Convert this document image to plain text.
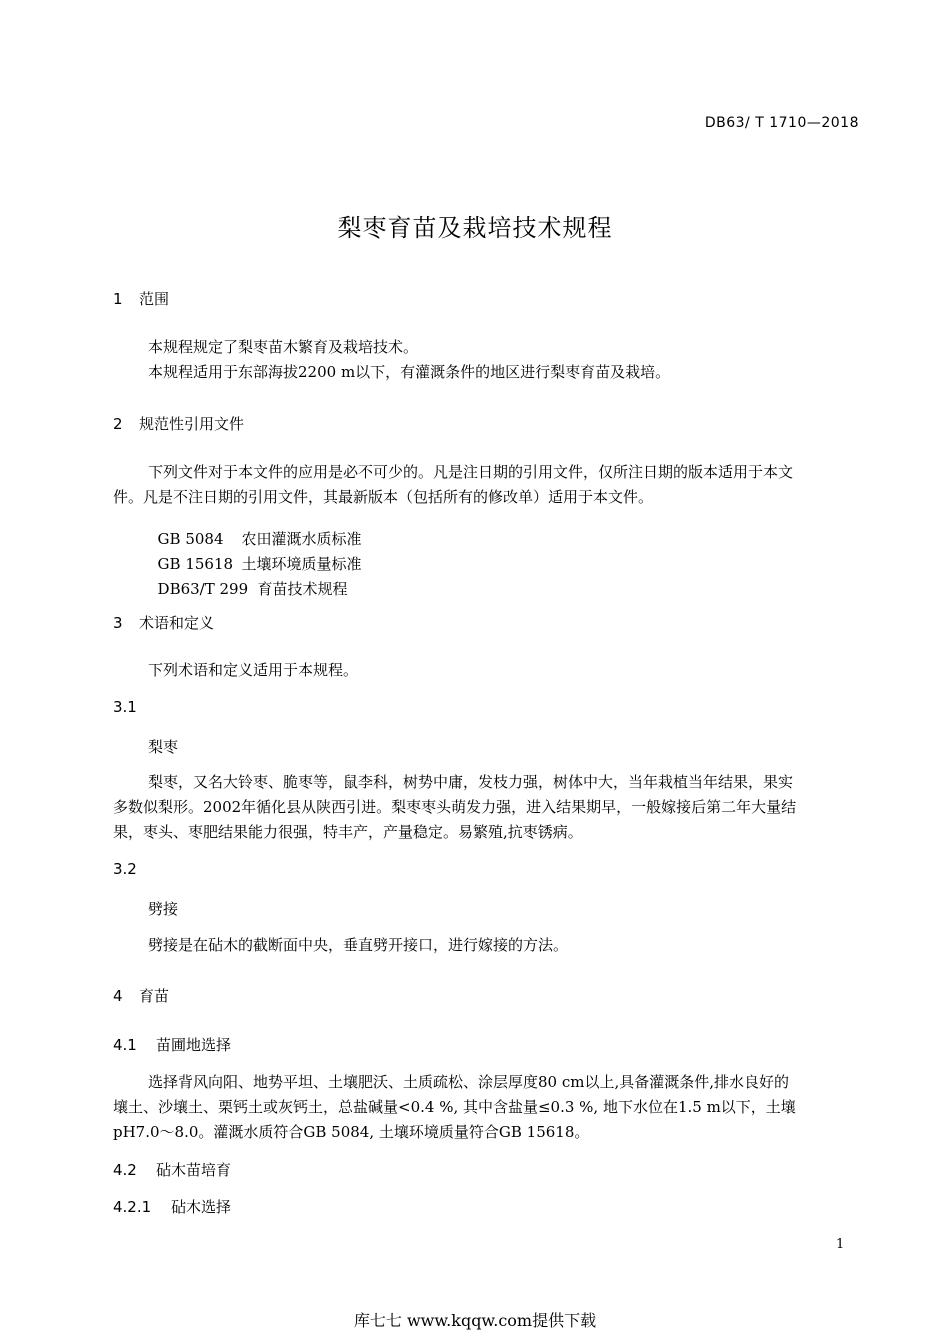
DB63/ T 1710—2018
梨枣育苗及栽培技术规程
1 范围
本规程规定了梨枣苗木繁育及栽培技术。
本规程适用于东部海拔2200 m以下，有灌溉条件的地区进行梨枣育苗及栽培。
2 规范性引用文件
下列文件对于本文件的应用是必不可少的。凡是注日期的引用文件，仅所注日期的版本适用于本文
件。凡是不注日期的引用文件，其最新版本（包括所有的修改单）适用于本文件。

GB 5084 农田灌溉水质标准

GB 15618 土壤环境质量标准

DB63/T 299 育苗技术规程

3 术语和定义
下列术语和定义适用于本规程。
3.1
梨枣
梨枣，又名大铃枣、脆枣等，鼠李科，树势中庸，发枝力强，树体中大，当年栽植当年结果，果实
多数似梨形。2002年循化县从陕西引进。梨枣枣头萌发力强，进入结果期早，一般嫁接后第二年大量结
果，枣头、枣肥结果能力很强，特丰产，产量稳定。易繁殖,抗枣锈病。
3.2
劈接
劈接是在砧木的截断面中央，垂直劈开接口，进行嫁接的方法。
4 育苗
4.1 苗圃地选择
选择背风向阳、地势平坦、土壤肥沃、土质疏松、涂层厚度80 cm以上,具备灌溉条件,排水良好的
壤土、沙壤土、栗钙土或灰钙土，总盐碱量<0.4 %, 其中含盐量≤0.3 %, 地下水位在1.5 m以下，土壤
pH7.0～8.0。灌溉水质符合GB 5084, 土壤环境质量符合GB 15618。
4.2 砧木苗培育
4.2.1 砧木选择
1
库七七 www.kqqw.com提供下载
